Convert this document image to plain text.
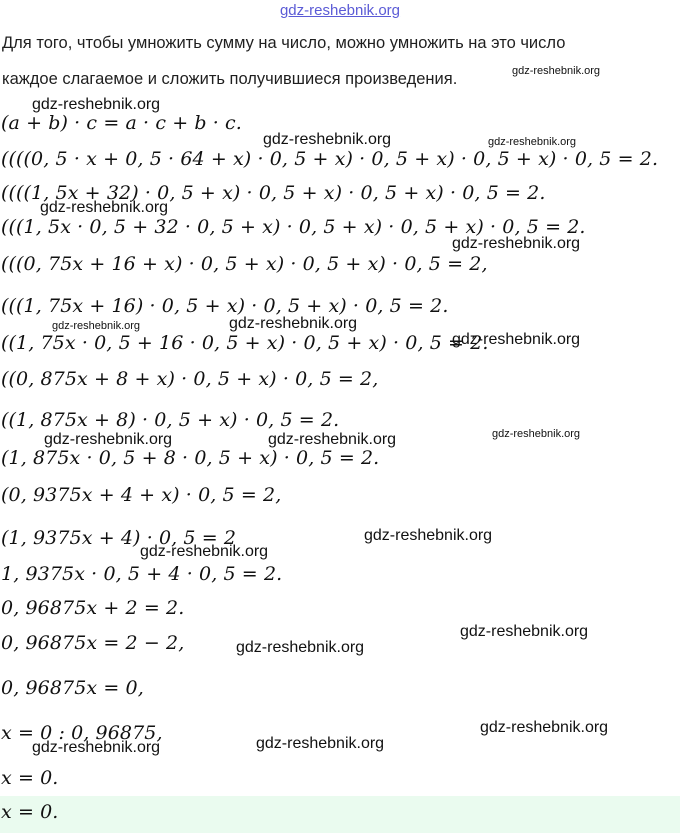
gdz-reshebnik.org
Для того, чтобы умножить сумму на число, можно умножить на это число
каждое слагаемое и сложить получившиеся произведения.
(a + b) · c = a · c + b · c.
((((0, 5 · x + 0, 5 · 64 + x) · 0, 5 + x) · 0, 5 + x) · 0, 5 + x) · 0, 5 = 2.
((((1, 5x + 32) · 0, 5 + x) · 0, 5 + x) · 0, 5 + x) · 0, 5 = 2.
(((1, 5x · 0, 5 + 32 · 0, 5 + x) · 0, 5 + x) · 0, 5 + x) · 0, 5 = 2.
(((0, 75x + 16 + x) · 0, 5 + x) · 0, 5 + x) · 0, 5 = 2,
(((1, 75x + 16) · 0, 5 + x) · 0, 5 + x) · 0, 5 = 2.
((1, 75x · 0, 5 + 16 · 0, 5 + x) · 0, 5 + x) · 0, 5 = 2.
((0, 875x + 8 + x) · 0, 5 + x) · 0, 5 = 2,
((1, 875x + 8) · 0, 5 + x) · 0, 5 = 2.
(1, 875x · 0, 5 + 8 · 0, 5 + x) · 0, 5 = 2.
(0, 9375x + 4 + x) · 0, 5 = 2,
(1, 9375x + 4) · 0, 5 = 2
1, 9375x · 0, 5 + 4 · 0, 5 = 2.
0, 96875x + 2 = 2.
0, 96875x = 2 − 2,
0, 96875x = 0,
x = 0 : 0, 96875,
x = 0.
x = 0.
gdz-reshebnik.org
gdz-reshebnik.org
gdz-reshebnik.org	gdz-reshebnik.org
gdz-reshebnik.org
gdz-reshebnik.org
gdz-reshebnik.org	gdz-reshebnik.org
gdz-reshebnik.org
gdz-reshebnik.org	gdz-reshebnik.org	gdz-reshebnik.org
gdz-reshebnik.org
gdz-reshebnik.org
gdz-reshebnik.org
gdz-reshebnik.org
gdz-reshebnik.org
gdz-reshebnik.org	gdz-reshebnik.org
